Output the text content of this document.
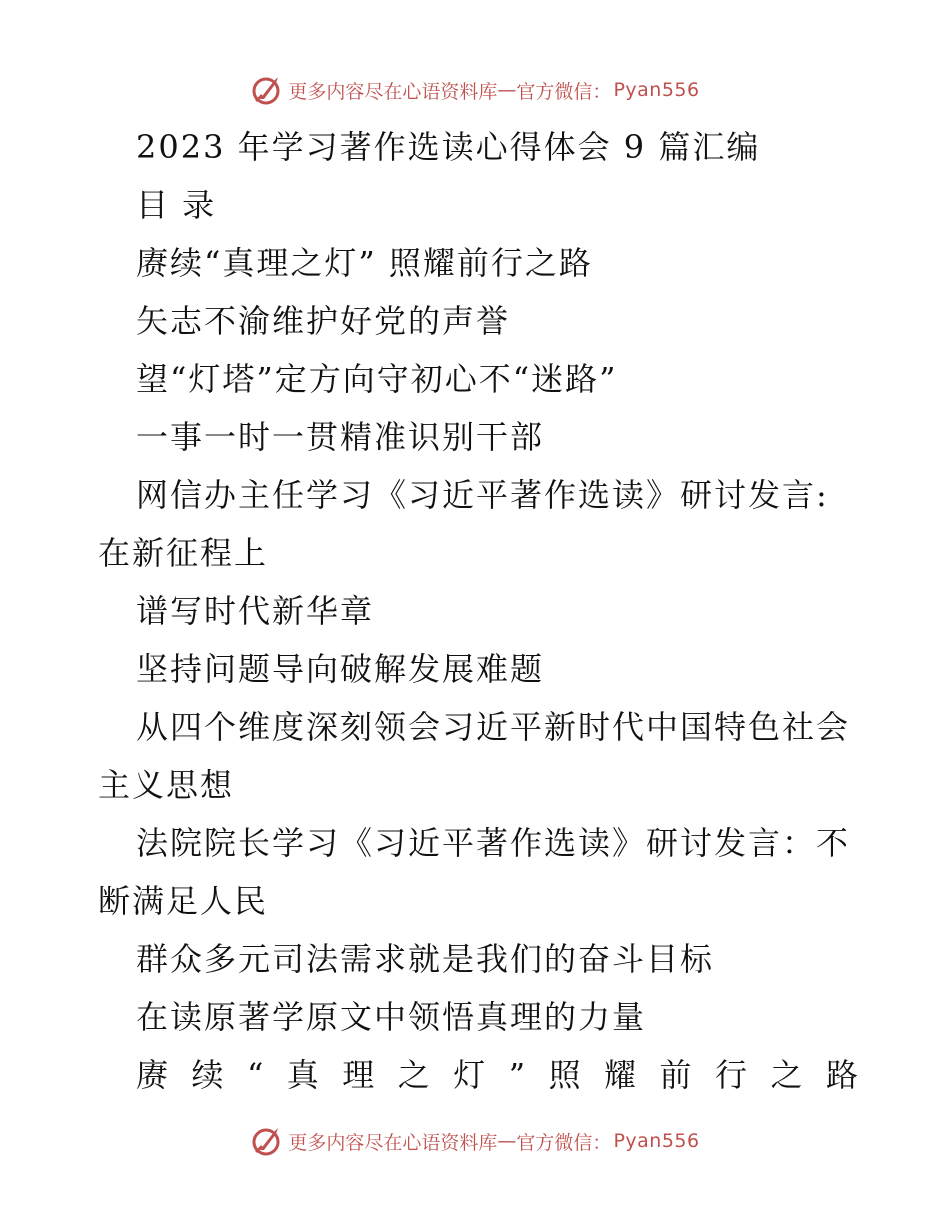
更多内容尽在心语资料库 — 官方微信： Pyan556
2023 年学习著作选读心得体会 9 篇汇编
目 录
赓续“真理之灯” 照耀前行之路
矢志不渝维护好党的声誉
望“灯塔”定方向守初心不“迷路”
一事一时一贯精准识别干部
网信办主任学习《习近平著作选读》研讨发言:
在新征程上
谱写时代新华章
坚持问题导向破解发展难题
从四个维度深刻领会习近平新时代中国特色社会
主义思想
法院院长学习《习近平著作选读》研讨发言：不
断满足人民
群众多元司法需求就是我们的奋斗目标
在读原著学原文中领悟真理的力量
赓 续 “ 真 理 之 灯 ” 照 耀 前 行 之 路
更多内容尽在心语资料库 — 官方微信： Pyan556
